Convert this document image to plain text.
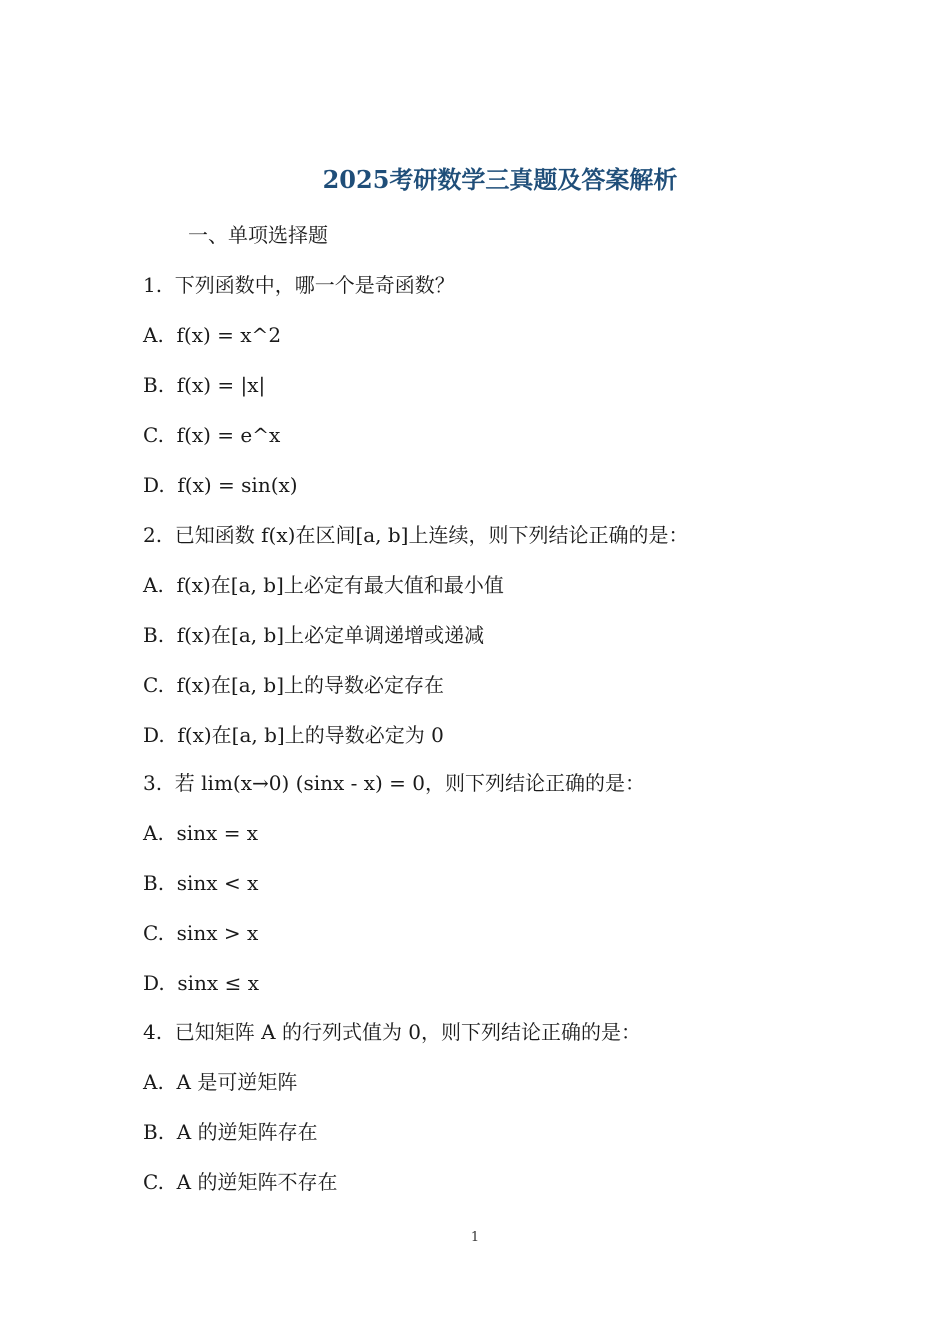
2025考研数学三真题及答案解析
一、单项选择题
1.  下列函数中，哪一个是奇函数？
A.  f(x) = x^2
B.  f(x) = |x|
C.  f(x) = e^x
D.  f(x) = sin(x)
2.  已知函数 f(x)在区间[a, b]上连续，则下列结论正确的是：
A.  f(x)在[a, b]上必定有最大值和最小值
B.  f(x)在[a, b]上必定单调递增或递减
C.  f(x)在[a, b]上的导数必定存在
D.  f(x)在[a, b]上的导数必定为 0
3.  若 lim(x→0) (sinx - x) = 0，则下列结论正确的是：
A.  sinx = x
B.  sinx < x
C.  sinx > x
D.  sinx ≤ x
4.  已知矩阵 A 的行列式值为 0，则下列结论正确的是：
A.  A 是可逆矩阵
B.  A 的逆矩阵存在
C.  A 的逆矩阵不存在
1
